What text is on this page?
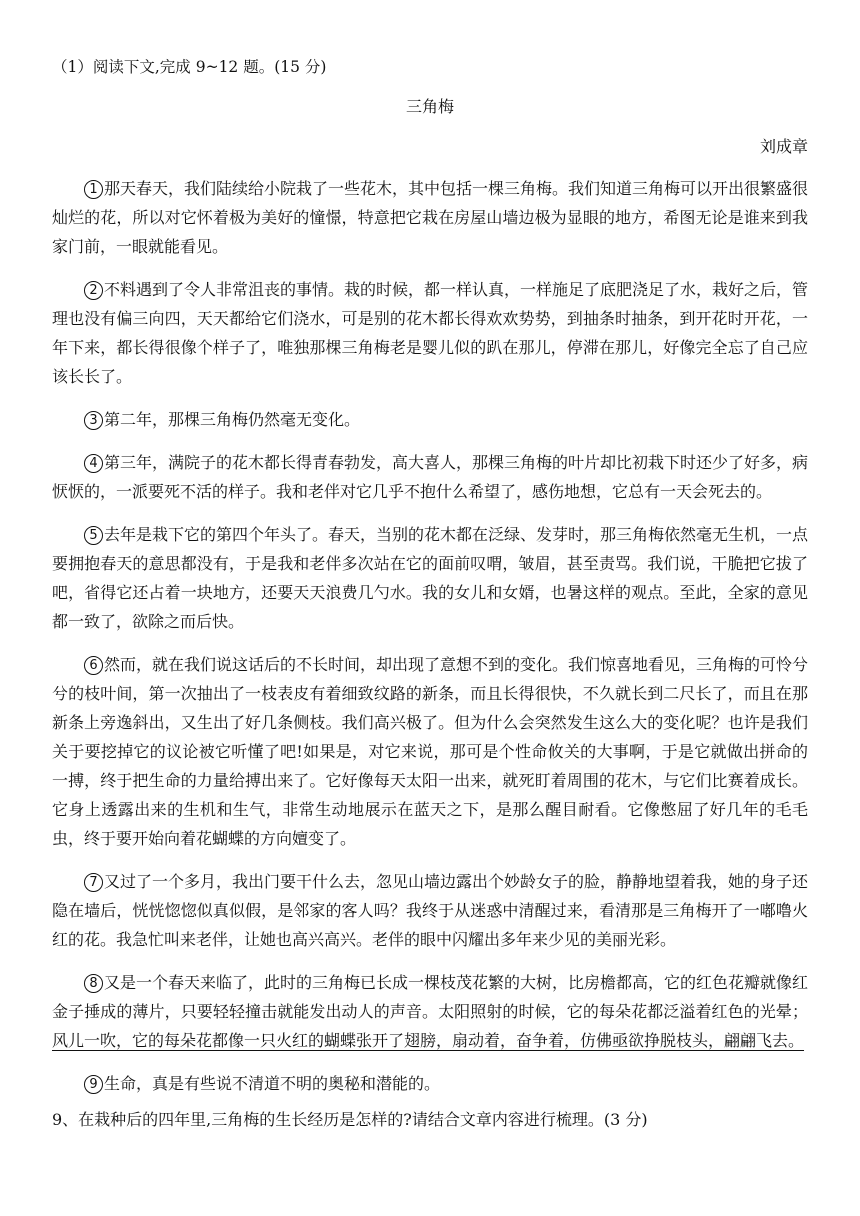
（1）阅读下文,完成 9~12 题。(15 分)
三角梅
刘成章

1 那天春天，我们陆续给小院栽了一些花木，其中包括一棵三角梅。我们知道三角梅可以开出很繁盛很灿烂的花，所以对它怀着极为美好的憧憬，特意把它栽在房屋山墙边极为显眼的地方，希图无论是谁来到我家门前，一眼就能看见。

2 不料遇到了令人非常沮丧的事情。栽的时候，都一样认真，一样施足了底肥浇足了水，栽好之后，管理也没有偏三向四，天天都给它们浇水，可是别的花木都长得欢欢势势，到抽条时抽条，到开花时开花，一年下来，都长得很像个样子了，唯独那棵三角梅老是婴儿似的趴在那儿，停滞在那儿，好像完全忘了自己应该长长了。

3 第二年，那棵三角梅仍然毫无变化。

4 第三年，满院子的花木都长得青春勃发，高大喜人，那棵三角梅的叶片却比初栽下时还少了好多，病恹恹的，一派要死不活的样子。我和老伴对它几乎不抱什么希望了，感伤地想，它总有一天会死去的。

5 去年是栽下它的第四个年头了。春天，当别的花木都在泛绿、发芽时，那三角梅依然毫无生机，一点要拥抱春天的意思都没有，于是我和老伴多次站在它的面前叹喟，皱眉，甚至责骂。我们说，干脆把它拔了吧，省得它还占着一块地方，还要天天浪费几勺水。我的女儿和女婿，也暑这样的观点。至此，全家的意见都一致了，欲除之而后快。

6 然而，就在我们说这话后的不长时间，却出现了意想不到的变化。我们惊喜地看见，三角梅的可怜兮兮的枝叶间，第一次抽出了一枝表皮有着细致纹路的新条，而且长得很快，不久就长到二尺长了，而且在那新条上旁逸斜出，又生出了好几条侧枝。我们高兴极了。但为什么会突然发生这么大的变化呢？也许是我们关于要挖掉它的议论被它听懂了吧!如果是，对它来说，那可是个性命攸关的大事啊，于是它就做出拼命的一搏，终于把生命的力量给搏出来了。它好像每天太阳一出来，就死盯着周围的花木，与它们比赛着成长。它身上透露出来的生机和生气，非常生动地展示在蓝天之下，是那么醒目耐看。它像憋屈了好几年的毛毛虫，终于要开始向着花蝴蝶的方向嬗变了。

7 又过了一个多月，我出门要干什么去，忽见山墙边露出个妙龄女子的脸，静静地望着我，她的身子还隐在墙后，恍恍惚惚似真似假，是邻家的客人吗？我终于从迷惑中清醒过来，看清那是三角梅开了一嘟噜火红的花。我急忙叫来老伴，让她也高兴高兴。老伴的眼中闪耀出多年来少见的美丽光彩。

8 又是一个春天来临了，此时的三角梅已长成一棵枝茂花繁的大树，比房檐都高，它的红色花瓣就像红金子捶成的薄片，只要轻轻撞击就能发出动人的声音。太阳照射的时候，它的每朵花都泛溢着红色的光晕；风儿一吹，它的每朵花都像一只火红的蝴蝶张开了翅膀，扇动着，奋争着，仿佛亟欲挣脱枝头，翩翩飞去。

9 生命，真是有些说不清道不明的奥秘和潜能的。

9、在栽种后的四年里,三角梅的生长经历是怎样的?请结合文章内容进行梳理。(3 分)
